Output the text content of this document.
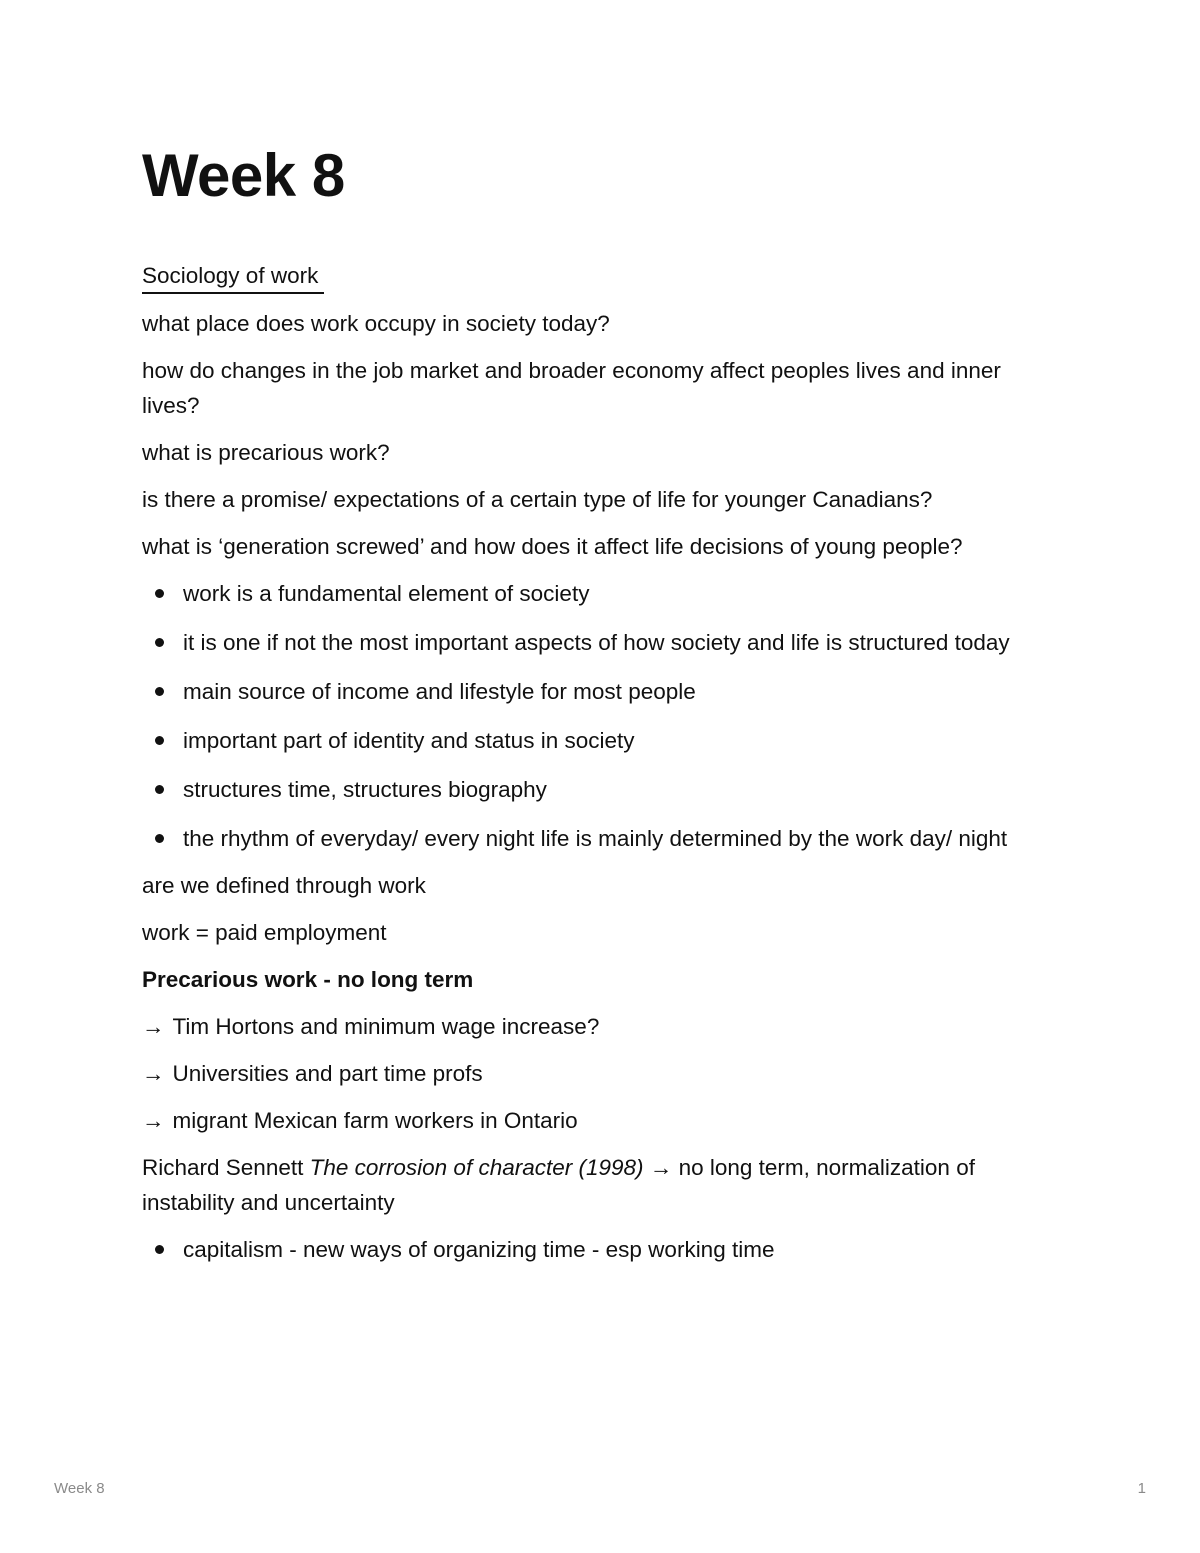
Week 8

Sociology of work

what place does work occupy in society today?

how do changes in the job market and broader economy affect peoples lives and inner lives?

what is precarious work?

is there a promise/ expectations of a certain type of life for younger Canadians?

what is ‘generation screwed’ and how does it affect life decisions of young people?

work is a fundamental element of society
it is one if not the most important aspects of how society and life is structured today
main source of income and lifestyle for most people
important part of identity and status in society
structures time, structures biography
the rhythm of everyday/ every night life is mainly determined by the work day/ night

are we defined through work

work = paid employment

Precarious work - no long term

→ Tim Hortons and minimum wage increase?

→ Universities and part time profs

→ migrant Mexican farm workers in Ontario

Richard Sennett The corrosion of character (1998) → no long term, normalization of instability and uncertainty

capitalism - new ways of organizing time - esp working time
Week 8	1
